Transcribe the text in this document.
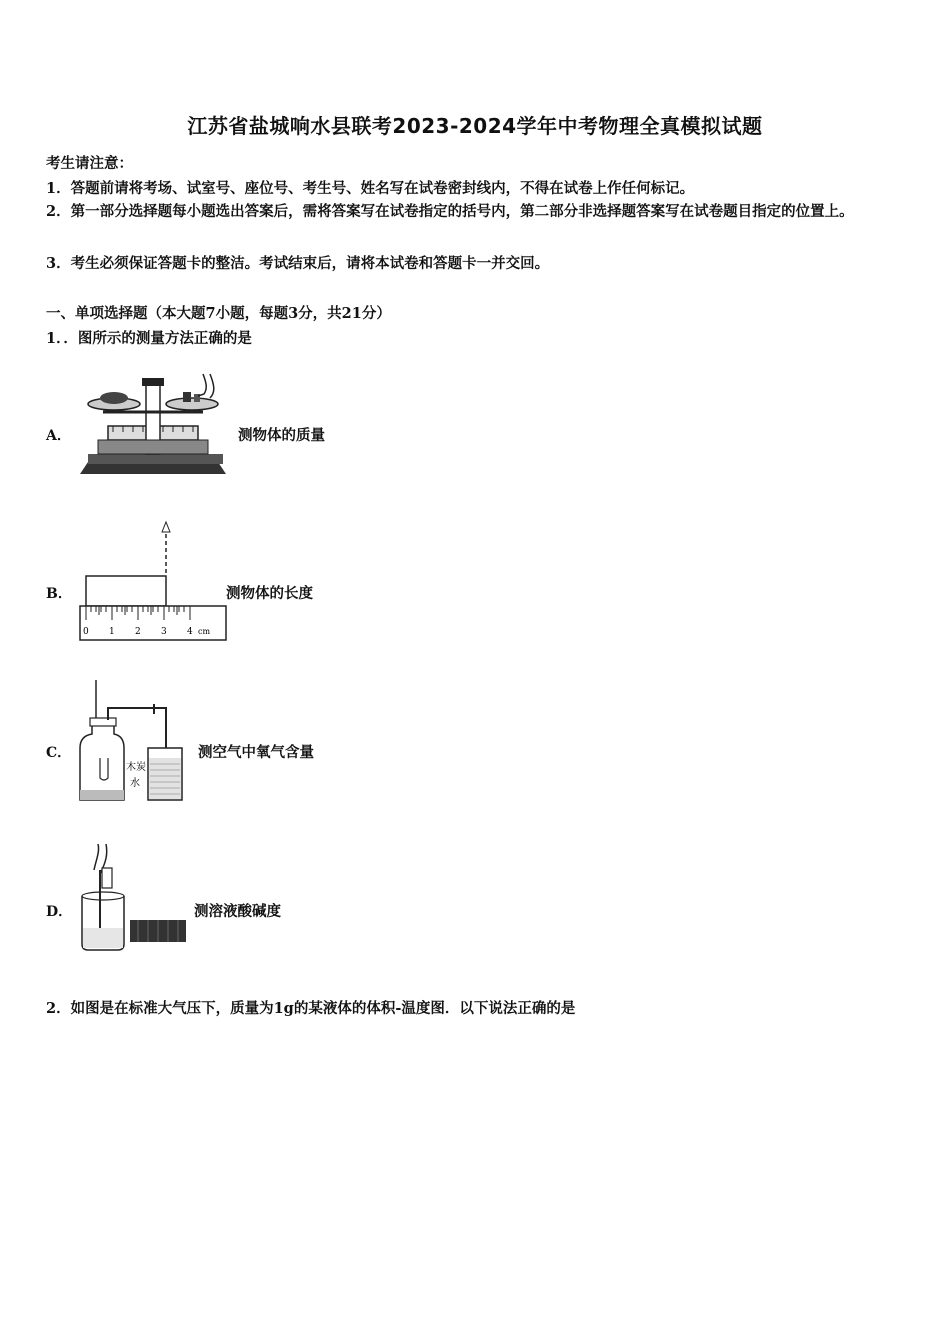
江苏省盐城响水县联考2023-2024学年中考物理全真模拟试题
考生请注意：
1．答题前请将考场、试室号、座位号、考生号、姓名写在试卷密封线内，不得在试卷上作任何标记。
2．第一部分选择题每小题选出答案后，需将答案写在试卷指定的括号内，第二部分非选择题答案写在试卷题目指定的位置上。
3．考生必须保证答题卡的整洁。考试结束后，请将本试卷和答题卡一并交回。
一、单项选择题（本大题7小题，每题3分，共21分）
1．．图所示的测量方法正确的是
A．	测物体的质量
B．
0 1 2 3 4 cm
测物体的长度
C．
木炭
水
测空气中氧气含量
D．	测溶液酸碱度
2．如图是在标准大气压下，质量为1g的某液体的体积-温度图．以下说法正确的是
